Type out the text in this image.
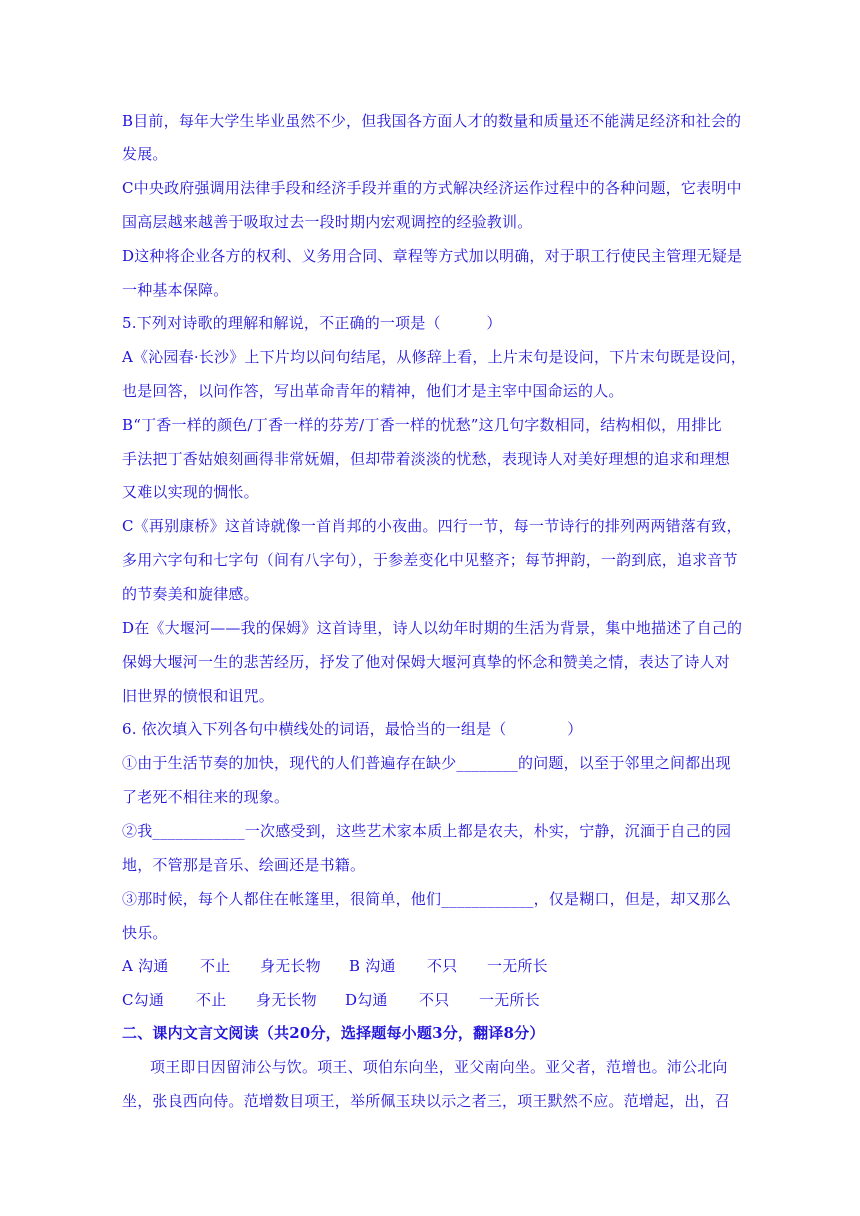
B目前，每年大学生毕业虽然不少，但我国各方面人才的数量和质量还不能满足经济和社会的
发展。
C中央政府强调用法律手段和经济手段并重的方式解决经济运作过程中的各种问题，它表明中
国高层越来越善于吸取过去一段时期内宏观调控的经验教训。
D这种将企业各方的权利、义务用合同、章程等方式加以明确，对于职工行使民主管理无疑是
一种基本保障。
5.下列对诗歌的理解和解说，不正确的一项是（　　　）
A《沁园春·长沙》上下片均以问句结尾，从修辞上看，上片末句是设问，下片末句既是设问，
也是回答，以问作答，写出革命青年的精神，他们才是主宰中国命运的人。
B“丁香一样的颜色/丁香一样的芬芳/丁香一样的忧愁”这几句字数相同，结构相似，用排比
手法把丁香姑娘刻画得非常妩媚，但却带着淡淡的忧愁，表现诗人对美好理想的追求和理想
又难以实现的惆怅。
C《再别康桥》这首诗就像一首肖邦的小夜曲。四行一节，每一节诗行的排列两两错落有致，
多用六字句和七字句（间有八字句），于参差变化中见整齐；每节押韵，一韵到底，追求音节
的节奏美和旋律感。
D在《大堰河——我的保姆》这首诗里，诗人以幼年时期的生活为背景，集中地描述了自己的
保姆大堰河一生的悲苦经历，抒发了他对保姆大堰河真挚的怀念和赞美之情，表达了诗人对
旧世界的愤恨和诅咒。
6. 依次填入下列各句中横线处的词语，最恰当的一组是（　　　　）
①由于生活节奏的加快，现代的人们普遍存在缺少________的问题，以至于邻里之间都出现
了老死不相往来的现象。
②我____________一次感受到，这些艺术家本质上都是农夫，朴实，宁静，沉湎于自己的园
地，不管那是音乐、绘画还是书籍。
③那时候，每个人都住在帐篷里，很简单，他们____________，仅是糊口，但是，却又那么
快乐。
A 沟通 不止 身无长物 B 沟通 不只 一无所长
C勾通 不止 身无长物 D勾通 不只 一无所长
二、课内文言文阅读（共20分，选择题每小题3分，翻译8分）
项王即日因留沛公与饮。项王、项伯东向坐，亚父南向坐。亚父者，范增也。沛公北向
坐，张良西向侍。范增数目项王，举所佩玉玦以示之者三，项王默然不应。范增起，出，召
